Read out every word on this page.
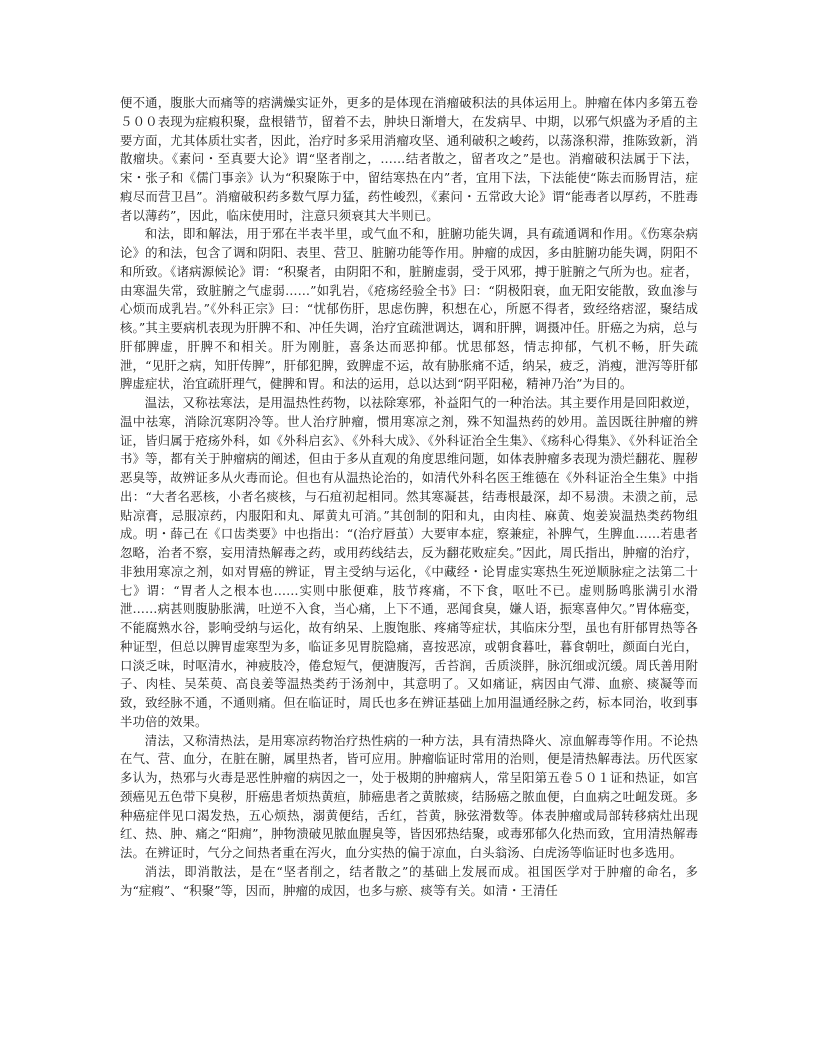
便不通，腹胀大而痛等的痞满燥实证外，更多的是体现在消瘤破积法的具体运用上。肿瘤在体内多第五卷５００表现为症瘕积聚，盘根错节，留着不去，肿块日渐增大，在发病早、中期，以邪气炽盛为矛盾的主要方面，尤其体质壮实者，因此，治疗时多采用消瘤攻坚、通利破积之峻药，以荡涤积滞，推陈致新，消散瘤块。《素问・至真要大论》谓“坚者削之，……结者散之，留者攻之”是也。消瘤破积法属于下法，宋・张子和《儒门事亲》认为“积聚陈于中，留结寒热在内”者，宜用下法，下法能使“陈去而肠胃洁，症瘕尽而营卫昌”。消瘤破积药多数气厚力猛，药性峻烈，《素问・五常政大论》谓“能毒者以厚药，不胜毒者以薄药”，因此，临床使用时，注意只须衰其大半则已。

和法，即和解法，用于邪在半表半里，或气血不和，脏腑功能失调，具有疏通调和作用。《伤寒杂病论》的和法，包含了调和阴阳、表里、营卫、脏腑功能等作用。肿瘤的成因，多由脏腑功能失调，阴阳不和所致。《诸病源候论》谓：“积聚者，由阴阳不和，脏腑虚弱，受于风邪，搏于脏腑之气所为也。症者，由寒温失常，致脏腑之气虚弱……”如乳岩，《疮疡经验全书》曰：“阴极阳衰，血无阳安能散，致血渗与心烦而成乳岩。”《外科正宗》曰：“忧郁伤肝，思虑伤脾，积想在心，所愿不得者，致经络痞涩，聚结成核。”其主要病机表现为肝脾不和、冲任失调，治疗宜疏泄调达，调和肝脾，调摄冲任。肝癌之为病，总与肝郁脾虚，肝脾不和相关。肝为刚脏，喜条达而恶抑郁。忧思郁怒，情志抑郁，气机不畅，肝失疏泄，“见肝之病，知肝传脾”，肝郁犯脾，致脾虚不运，故有胁胀痛不适，纳呆，疲乏，消瘦，泄泻等肝郁脾虚症状，治宜疏肝理气，健脾和胃。和法的运用，总以达到“阴平阳秘，精神乃治”为目的。

温法，又称祛寒法，是用温热性药物，以祛除寒邪，补益阳气的一种治法。其主要作用是回阳救逆，温中祛寒，消除沉寒阴冷等。世人治疗肿瘤，惯用寒凉之剂，殊不知温热药的妙用。盖因既往肿瘤的辨证，皆归属于疮疡外科，如《外科启玄》、《外科大成》、《外科证治全生集》、《疡科心得集》、《外科证治全书》等，都有关于肿瘤病的阐述，但由于多从直观的角度思维问题，如体表肿瘤多表现为溃烂翻花、腥秽恶臭等，故辨证多从火毒而论。但也有从温热论治的，如清代外科名医王维德在《外科证治全生集》中指出：“大者名恶核，小者名痰核，与石疽初起相同。然其寒凝甚，结毒根最深，却不易溃。未溃之前，忌贴凉膏，忌服凉药，内服阳和丸、犀黄丸可消。”其创制的阳和丸，由肉桂、麻黄、炮姜炭温热类药物组成。明・薛己在《口齿类要》中也指出：“(治疗唇茧）大要审本症，察兼症，补脾气，生脾血……若患者忽略，治者不察，妄用清热解毒之药，或用药线结去，反为翻花败症矣。”因此，周氏指出，肿瘤的治疗，非独用寒凉之剂，如对胃癌的辨证，胃主受纳与运化，《中藏经・论胃虚实寒热生死逆顺脉症之法第二十七》谓：“胃者人之根本也……实则中胀便难，肢节疼痛，不下食，呕吐不已。虚则肠鸣胀满引水滑泄……病甚则腹胁胀满，吐逆不入食，当心痛，上下不通，恶闻食臭，嫌人语，振寒喜伸欠。”胃体癌变，不能腐熟水谷，影响受纳与运化，故有纳呆、上腹饱胀、疼痛等症状，其临床分型，虽也有肝郁胃热等各种证型，但总以脾胃虚寒型为多，临证多见胃脘隐痛，喜按恶凉，或朝食暮吐，暮食朝吐，颜面白光白，口淡乏味，时呕清水，神疲肢冷，倦怠短气，便溏腹泻，舌苔润，舌质淡胖，脉沉细或沉缓。周氏善用附子、肉桂、吴茱萸、高良姜等温热类药于汤剂中，其意明了。又如痛证，病因由气滞、血瘀、痰凝等而致，致经脉不通，不通则痛。但在临证时，周氏也多在辨证基础上加用温通经脉之药，标本同治，收到事半功倍的效果。

清法，又称清热法，是用寒凉药物治疗热性病的一种方法，具有清热降火、凉血解毒等作用。不论热在气、营、血分，在脏在腑，属里热者，皆可应用。肿瘤临证时常用的治则，便是清热解毒法。历代医家多认为，热邪与火毒是恶性肿瘤的病因之一，处于极期的肿瘤病人，常呈阳第五卷５０１证和热证，如宫颈癌见五色带下臭秽，肝癌患者烦热黄疸，肺癌患者之黄脓痰，结肠癌之脓血便，白血病之吐衄发斑。多种癌症伴见口渴发热，五心烦热，溺黄便结，舌红，苔黄，脉弦滑数等。体表肿瘤或局部转移病灶出现红、热、肿、痛之“阳痈”，肿物溃破见脓血腥臭等，皆因邪热结聚，或毒邪郁久化热而致，宜用清热解毒法。在辨证时，气分之间热者重在泻火，血分实热的偏于凉血，白头翁汤、白虎汤等临证时也多选用。

消法，即消散法，是在“坚者削之，结者散之”的基础上发展而成。祖国医学对于肿瘤的命名，多为“症瘕”、“积聚”等，因而，肿瘤的成因，也多与瘀、痰等有关。如清・王清任
